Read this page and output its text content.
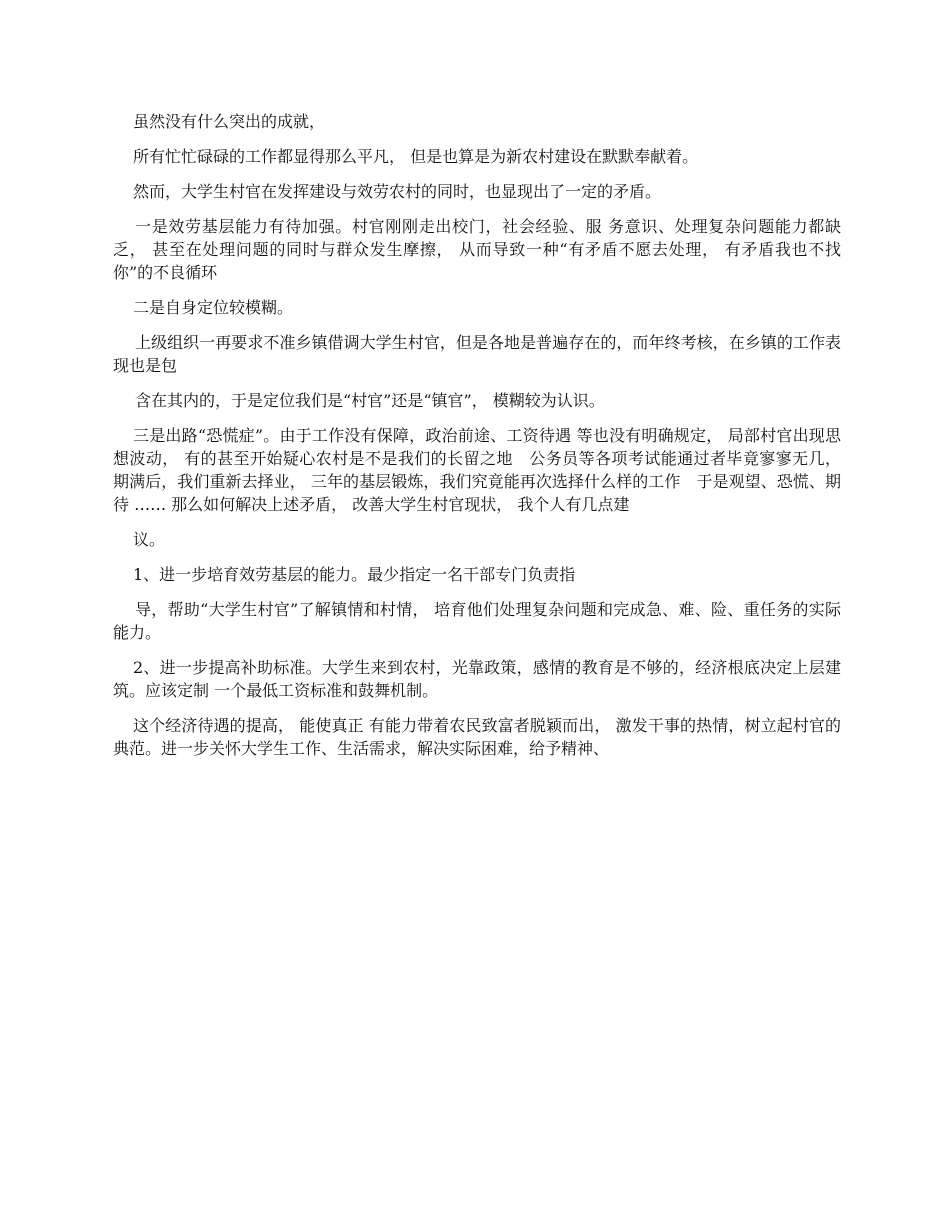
虽然没有什么突出的成就，

所有忙忙碌碌的工作都显得那么平凡， 但是也算是为新农村建设在默默奉献着。

然而，大学生村官在发挥建设与效劳农村的同时，也显现出了一定的矛盾。

一是效劳基层能力有待加强。村官刚刚走出校门，社会经验、服 务意识、处理复杂问题能力都缺乏， 甚至在处理问题的同时与群众发生摩擦， 从而导致一种“有矛盾不愿去处理， 有矛盾我也不找你”的不良循环

二是自身定位较模糊。

上级组织一再要求不准乡镇借调大学生村官，但是各地是普遍存在的，而年终考核，在乡镇的工作表现也是包

含在其内的，于是定位我们是“村官”还是“镇官”， 模糊较为认识。

三是出路“恐慌症”。由于工作没有保障，政治前途、工资待遇 等也没有明确规定， 局部村官出现思想波动， 有的甚至开始疑心农村是不是我们的长留之地　公务员等各项考试能通过者毕竟寥寥无几， 期满后，我们重新去择业， 三年的基层锻炼，我们究竟能再次选择什么样的工作　于是观望、恐慌、期待 …… 那么如何解决上述矛盾， 改善大学生村官现状， 我个人有几点建

议。

1、进一步培育效劳基层的能力。最少指定一名干部专门负责指

导，帮助“大学生村官”了解镇情和村情， 培育他们处理复杂问题和完成急、难、险、重任务的实际能力。

2、进一步提高补助标准。大学生来到农村，光靠政策，感情的教育是不够的，经济根底决定上层建筑。应该定制 一个最低工资标准和鼓舞机制。

这个经济待遇的提高， 能使真正 有能力带着农民致富者脱颖而出， 激发干事的热情，树立起村官的典范。进一步关怀大学生工作、生活需求，解决实际困难，给予精神、
